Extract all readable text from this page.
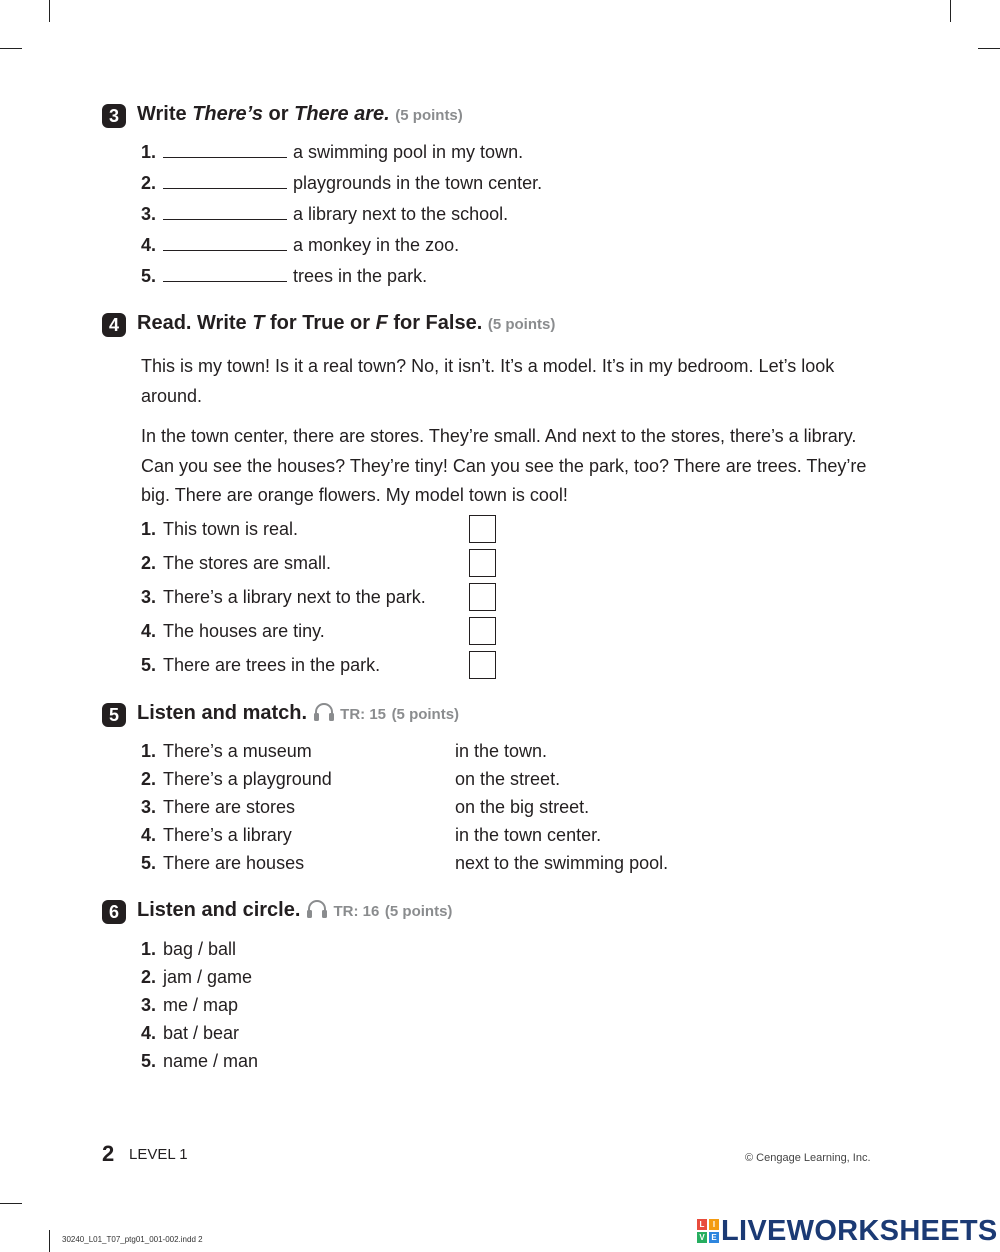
3 Write There’s or There are. (5 points)
1.	a swimming pool in my town.
2.	playgrounds in the town center.
3.	a library next to the school.
4.	a monkey in the zoo.
5.	trees in the park.
4 Read. Write T for True or F for False. (5 points)
This is my town! Is it a real town? No, it isn’t. It’s a model. It’s in my bedroom. Let’s look around.
In the town center, there are stores. They’re small. And next to the stores, there’s a library. Can you see the houses? They’re tiny! Can you see the park, too? There are trees. They’re big. There are orange flowers. My model town is cool!
1. This town is real.
2. The stores are small.
3. There’s a library next to the park.
4. The houses are tiny.
5. There are trees in the park.
5 Listen and match. TR: 15 (5 points)
1. There’s a museum	in the town.
2. There’s a playground	on the street.
3. There are stores	on the big street.
4. There’s a library	in the town center.
5. There are houses	next to the swimming pool.
6 Listen and circle. TR: 16 (5 points)
1. bag / ball
2. jam / game
3. me / map
4. bat / bear
5. name / man
2 LEVEL 1	© Cengage Learning, Inc.
30240_L01_T07_ptg01_001-002.indd 2
L	I
V E LIVEWORKSHEETS
